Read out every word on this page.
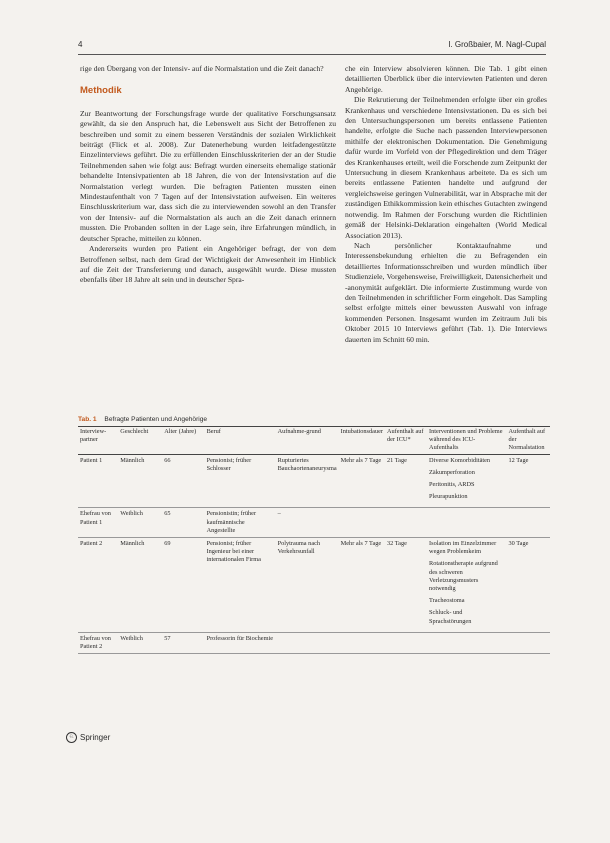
4	I. Großbaier, M. Nagl-Cupal

rige den Übergang von der Intensiv- auf die Normalstation und die Zeit danach?

Methodik

Zur Beantwortung der Forschungsfrage wurde der qualitative Forschungsansatz gewählt, da sie den Anspruch hat, die Lebenswelt aus Sicht der Betroffenen zu beschreiben und somit zu einem besseren Verständnis der sozialen Wirklichkeit beiträgt (Flick et al. 2008). Zur Datenerhebung wurden leitfadengestützte Einzelinterviews geführt. Die zu erfüllenden Einschlusskriterien der an der Studie Teilnehmenden sahen wie folgt aus: Befragt wurden einerseits ehemalige stationär behandelte Intensivpatienten ab 18 Jahren, die von der Intensivstation auf die Normalstation verlegt wurden. Die befragten Patienten mussten einen Mindestaufenthalt von 7 Tagen auf der Intensivstation aufweisen. Ein weiteres Einschlusskriterium war, dass sich die zu interviewenden sowohl an den Transfer von der Intensiv- auf die Normalstation als auch an die Zeit danach erinnern mussten. Die Probanden sollten in der Lage sein, ihre Erfahrungen mündlich, in deutscher Sprache, mitteilen zu können.

Andererseits wurden pro Patient ein Angehöriger befragt, der von dem Betroffenen selbst, nach dem Grad der Wichtigkeit der Anwesenheit im Hinblick auf die Zeit der Transferierung und danach, ausgewählt wurde. Diese mussten ebenfalls über 18 Jahre alt sein und in deutscher Spra-

che ein Interview absolvieren können. Die Tab. 1 gibt einen detaillierten Überblick über die interviewten Patienten und deren Angehörige.

Die Rekrutierung der Teilnehmenden erfolgte über ein großes Krankenhaus und verschiedene Intensivstationen. Da es sich bei den Untersuchungspersonen um bereits entlassene Patienten handelte, erfolgte die Suche nach passenden Interviewpersonen mithilfe der elektronischen Dokumentation. Die Genehmigung dafür wurde im Vorfeld von der Pflegedirektion und dem Träger des Krankenhauses erteilt, weil die Forschende zum Zeitpunkt der Untersuchung in diesem Krankenhaus arbeitete. Da es sich um bereits entlassene Patienten handelte und aufgrund der vergleichsweise geringen Vulnerabilität, war in Absprache mit der zuständigen Ethikkommission kein ethisches Gutachten zwingend notwendig. Im Rahmen der Forschung wurden die Richtlinien gemäß der Helsinki-Deklaration eingehalten (World Medical Association 2013).

Nach persönlicher Kontaktaufnahme und Interessensbekundung erhielten die zu Befragenden ein detailliertes Informationsschreiben und wurden mündlich über Studienziele, Vorgehensweise, Freiwilligkeit, Datensicherheit und -anonymität aufgeklärt. Die informierte Zustimmung wurde von den Teilnehmenden in schriftlicher Form eingeholt. Das Sampling selbst erfolgte mittels einer bewussten Auswahl von infrage kommenden Personen. Insgesamt wurden im Zeitraum Juli bis Oktober 2015 10 Interviews geführt (Tab. 1). Die Interviews dauerten im Schnitt 60 min.

Tab. 1 Befragte Patienten und Angehörige
Interview-partner	Geschlecht	Alter (Jahre)	Beruf	Aufnahme-grund	Intubationsdauer	Aufenthalt auf der ICU*	Interventionen und Probleme während des ICU-Aufenthalts	Aufenthalt auf der Normalstation
Patient 1	Männlich	66	Pensionist; früher Schlosser	Rupturiertes Bauchaortenaneurysma	Mehr als 7 Tage	21 Tage	Diverse Komorbiditäten
Zäkumperforation
Peritonitis, ARDS
Pleurapunktion	12 Tage
Ehefrau von Patient 1	Weiblich	65	Pensionistin; früher kaufmännische Angestellte	–				
Patient 2	Männlich	69	Pensionist; früher Ingenieur bei einer internationalen Firma	Polytrauma nach Verkehrsunfall	Mehr als 7 Tage	32 Tage	Isolation im Einzelzimmer wegen Problemkeim
Rotationstherapie aufgrund des schweren Verletzungsmusters notwendig
Tracheostoma
Schluck- und Sprachstörungen	30 Tage
Ehefrau von Patient 2	Weiblich	57	Professorin für Biochemie					
♘ Springer
